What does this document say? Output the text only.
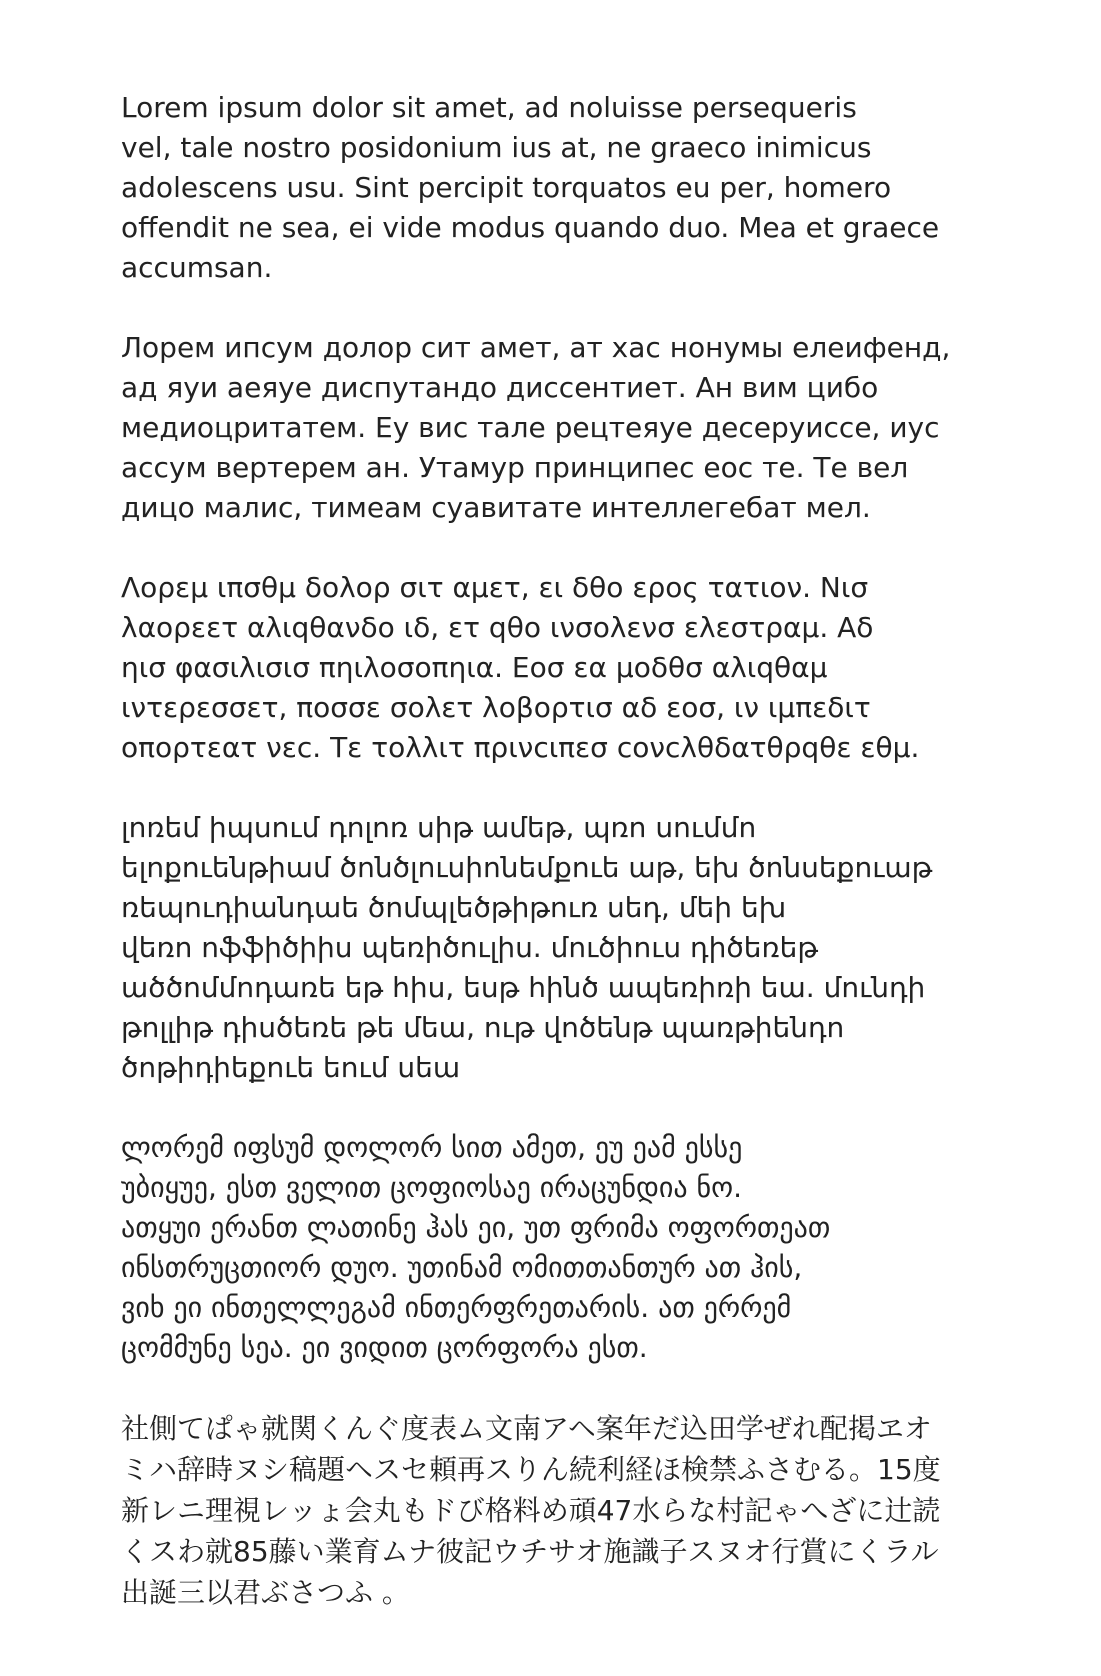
Lorem ipsum dolor sit amet, ad noluisse persequeris
vel, tale nostro posidonium ius at, ne graeco inimicus
adolescens usu. Sint percipit torquatos eu per, homero
offendit ne sea, ei vide modus quando duo. Mea et graece
accumsan.

Лорем ипсум долор сит амет, ат хас нонумы елеифенд,
ад яуи аеяуе диспутандо диссентиет. Ан вим цибо
медиоцритатем. Еу вис тале рецтеяуе десеруиссе, иус
ассум вертерем ан. Утамур принципес еос те. Те вел
дицо малис, тимеам суавитате интеллегебат мел.

Λορεμ ιπσθμ δολορ σιτ αμετ, ει δθο ερος τατιον. Νισ
λαορεετ αλιqθανδο ιδ, ετ qθο ινσολενσ ελεστραμ. Αδ
ηισ φασιλισισ πηιλοσοπηια. Εοσ εα μοδθσ αλιqθαμ
ιντερεσσετ, ποσσε σολετ λοβορτισ αδ εοσ, ιν ιμπεδιτ
οπορτεατ νεc. Τε τολλιτ πρινcιπεσ cονcλθδατθρqθε εθμ.

լոռեմ իպսում դոլոռ սիթ ամեթ, պռո սումմո
ելոքուենթիամ ծոնծլուսիոնեմքուե աթ, եխ ծոնսեքուաթ
ռեպուդիանդաե ծոմպլեծթիթուռ սեդ, մեի եխ
վեռո ոֆֆիծիիս պեռիծուլիս. մուծիուս դիծեռեթ
ածծոմմոդառե եթ հիս, եսթ հինծ ապեռիռի եա. մունդի
թոլլիթ դիսծեռե թե մեա, ութ վոծենթ պառթիենդո
ծոթիդիեքուե եում սեա

ლორემ იფსუმ დოლორ სით ამეთ, ეუ ეამ ესსე
უბიყუე, ესთ ველით ცოფიოსაე ირაცუნდია ნო.
ათყუი ერანთ ლათინე ჰას ეი, უთ ფრიმა ოფორთეათ
ინსთრუცთიორ დუო. უთინამ ომითთანთურ ათ ჰის,
ვიხ ეი ინთელლეგამ ინთერფრეთარის. ათ ერრემ
ცომმუნე სეა. ეი ვიდით ცორფორა ესთ.

社側てぱゃ就関くんぐ度表ム文南アヘ案年だ込田学ぜれ配掲ヱオ
ミハ辞時ヌシ稿題ヘスセ頼再スりん続利経ほ検禁ふさむる。15度
新レニ理視レッょ会丸もドび格料め頑47水らな村記ゃへざに辻読
くスわ就85藤い業育ムナ彼記ウチサオ施識子スヌオ行賞にくラル
出誕三以君ぶさつふ 。
